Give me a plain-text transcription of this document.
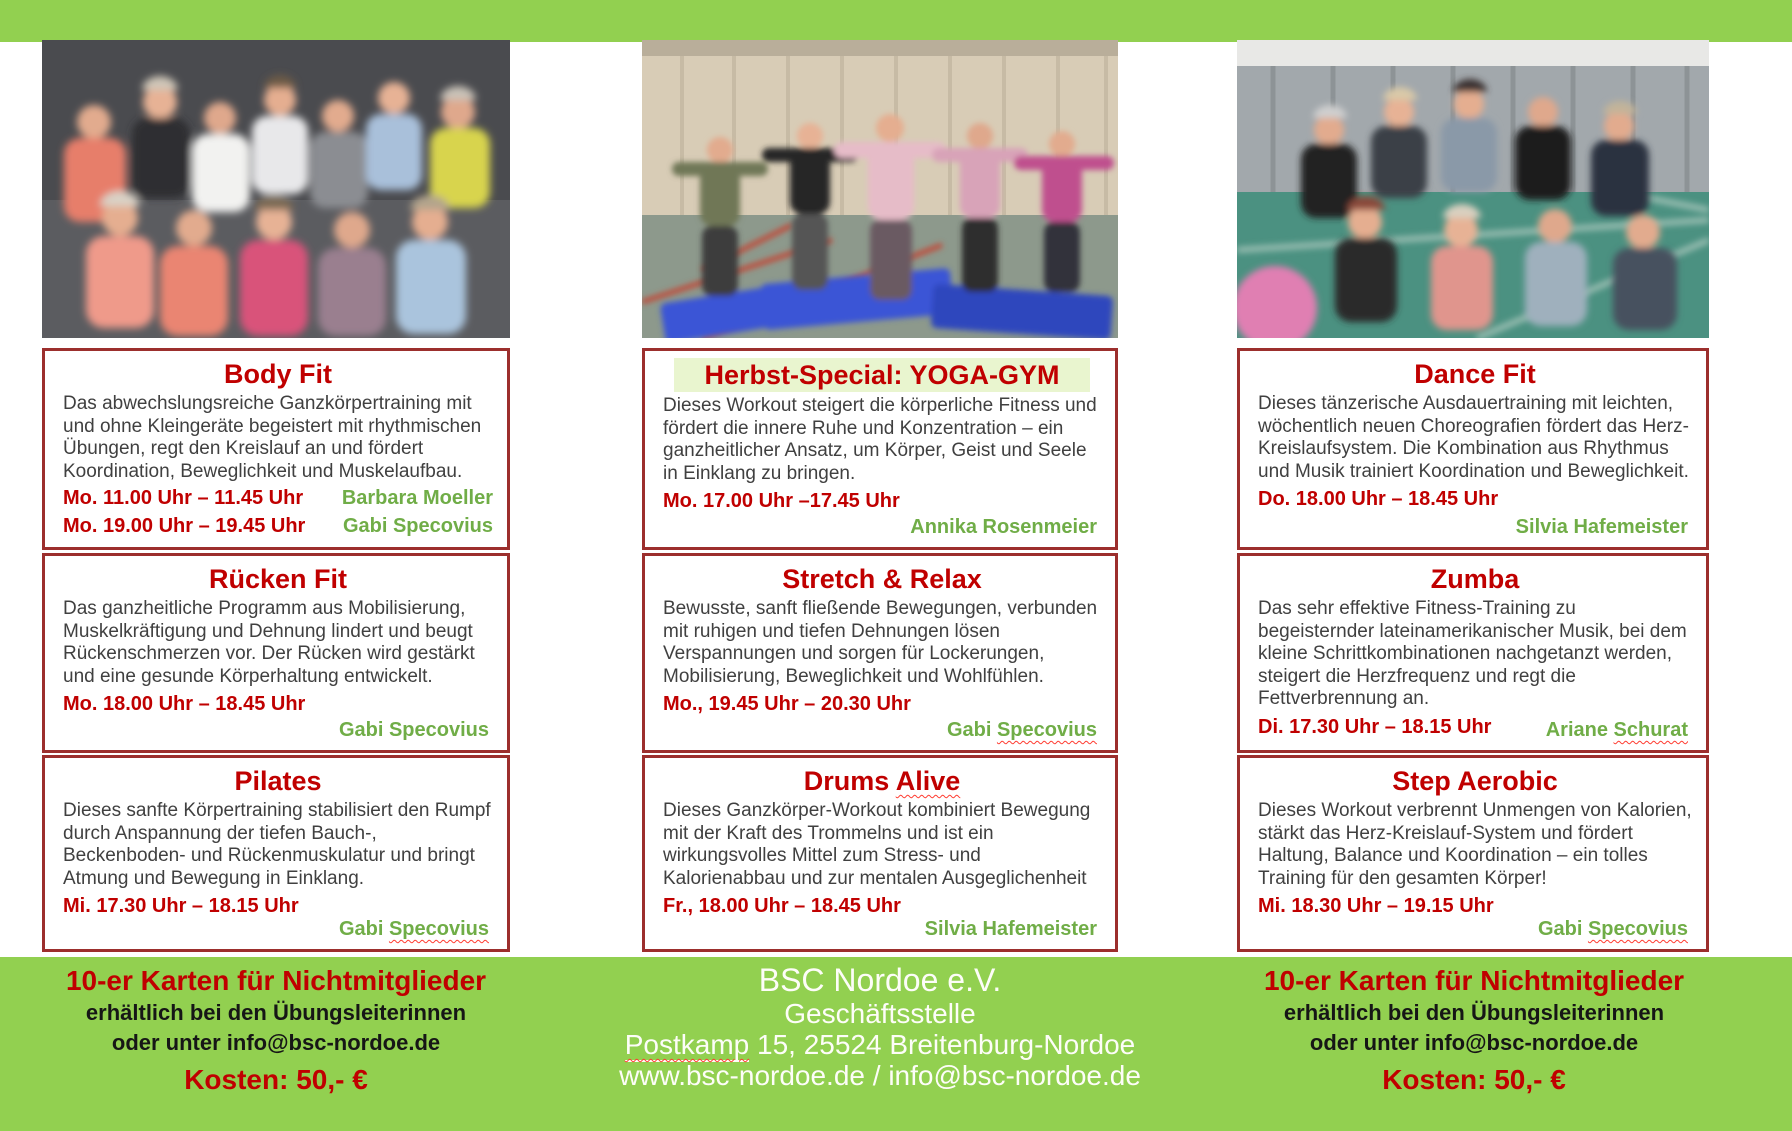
Body Fit
Das abwechslungsreiche Ganzkörpertraining mit und ohne Kleingeräte begeistert mit rhythmischen Übungen, regt den Kreislauf an und fördert Koordination, Beweglichkeit und Muskelaufbau.
Mo. 11.00 Uhr – 11.45 Uhr Barbara Moeller
Mo. 19.00 Uhr – 19.45 Uhr Gabi Specovius
Rücken Fit
Das ganzheitliche Programm aus Mobilisierung, Muskelkräftigung und Dehnung lindert und beugt Rückenschmerzen vor. Der Rücken wird gestärkt und eine gesunde Körperhaltung entwickelt.
Mo. 18.00 Uhr – 18.45 Uhr
Gabi Specovius
Pilates
Dieses sanfte Körpertraining stabilisiert den Rumpf durch Anspannung der tiefen Bauch-, Beckenboden- und Rückenmuskulatur und bringt Atmung und Bewegung in Einklang.
Mi. 17.30 Uhr – 18.15 Uhr
Gabi Specovius
Herbst-Special: YOGA-GYM
Dieses Workout steigert die körperliche Fitness und fördert die innere Ruhe und Konzentration – ein ganzheitlicher Ansatz, um Körper, Geist und Seele in Einklang zu bringen.
Mo. 17.00 Uhr –17.45 Uhr
Annika Rosenmeier
Stretch & Relax
Bewusste, sanft fließende Bewegungen, verbunden mit ruhigen und tiefen Dehnungen lösen Verspannungen und sorgen für Lockerungen, Mobilisierung, Beweglichkeit und Wohlfühlen.
Mo., 19.45 Uhr – 20.30 Uhr
Gabi Specovius
Drums Alive
Dieses Ganzkörper-Workout kombiniert Bewegung mit der Kraft des Trommelns und ist ein wirkungsvolles Mittel zum Stress- und Kalorienabbau und zur mentalen Ausgeglichenheit
Fr., 18.00 Uhr – 18.45 Uhr
Silvia Hafemeister
Dance Fit
Dieses tänzerische Ausdauertraining mit leichten, wöchentlich neuen Choreografien fördert das Herz-Kreislaufsystem. Die Kombination aus Rhythmus und Musik trainiert Koordination und Beweglichkeit.
Do. 18.00 Uhr – 18.45 Uhr
Silvia Hafemeister
Zumba
Das sehr effektive Fitness-Training zu begeisternder lateinamerikanischer Musik, bei dem kleine Schrittkombinationen nachgetanzt werden, steigert die Herzfrequenz und regt die Fettverbrennung an.
Di. 17.30 Uhr – 18.15 Uhr	Ariane Schurat
Step Aerobic
Dieses Workout verbrennt Unmengen von Kalorien, stärkt das Herz-Kreislauf-System und fördert Haltung, Balance und Koordination – ein tolles Training für den gesamten Körper!
Mi. 18.30 Uhr – 19.15 Uhr
Gabi Specovius
10-er Karten für Nichtmitglieder
erhältlich bei den Übungsleiterinnen
oder unter info@bsc-nordoe.de
Kosten: 50,- €
BSC Nordoe e.V.
Geschäftsstelle
Postkamp 15, 25524 Breitenburg-Nordoe
www.bsc-nordoe.de / info@bsc-nordoe.de
10-er Karten für Nichtmitglieder
erhältlich bei den Übungsleiterinnen
oder unter info@bsc-nordoe.de
Kosten: 50,- €
